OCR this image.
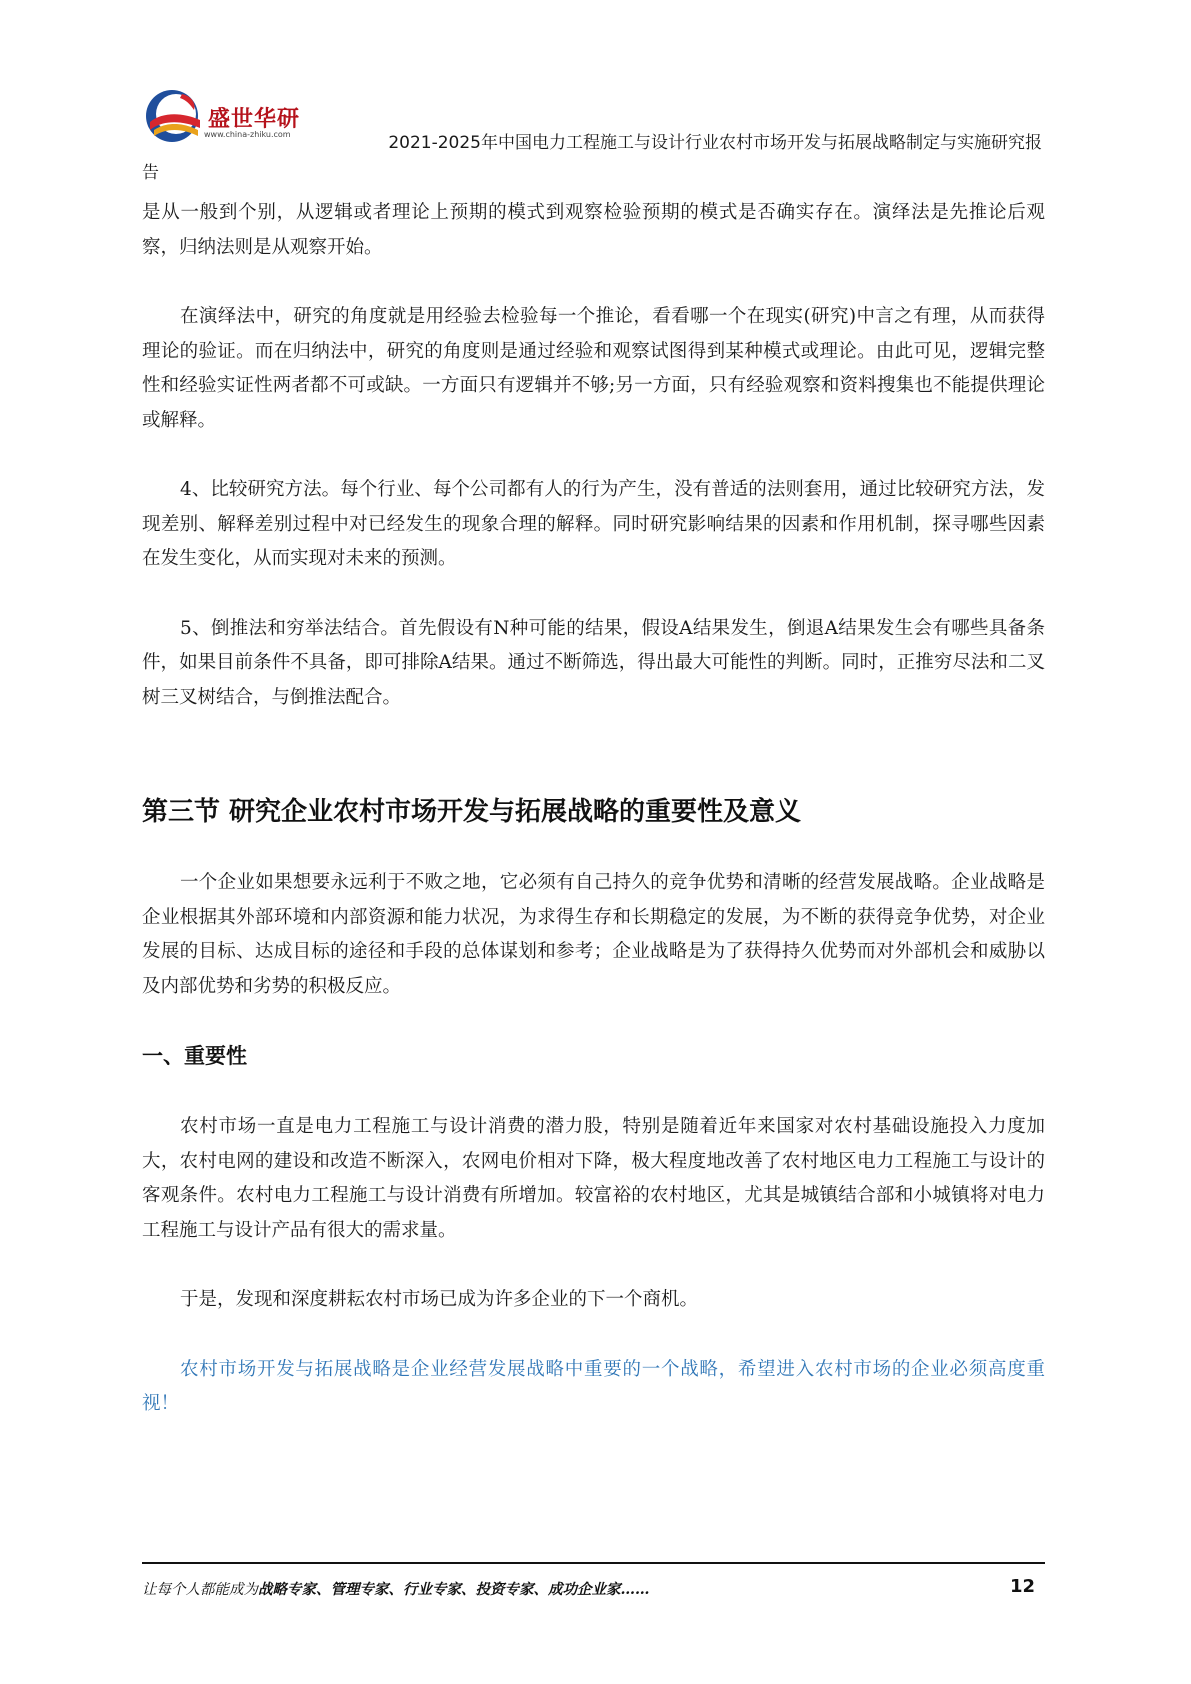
盛世华研
www.china-zhiku.com	2021-2025年中国电力工程施工与设计行业农村市场开发与拓展战略制定与实施研究报
告

是从一般到个别，从逻辑或者理论上预期的模式到观察检验预期的模式是否确实存在。演绎法是先推论后观察，归纳法则是从观察开始。

在演绎法中，研究的角度就是用经验去检验每一个推论，看看哪一个在现实(研究)中言之有理，从而获得理论的验证。而在归纳法中，研究的角度则是通过经验和观察试图得到某种模式或理论。由此可见，逻辑完整性和经验实证性两者都不可或缺。一方面只有逻辑并不够;另一方面，只有经验观察和资料搜集也不能提供理论或解释。

4、比较研究方法。每个行业、每个公司都有人的行为产生，没有普适的法则套用，通过比较研究方法，发现差别、解释差别过程中对已经发生的现象合理的解释。同时研究影响结果的因素和作用机制，探寻哪些因素在发生变化，从而实现对未来的预测。

5、倒推法和穷举法结合。首先假设有N种可能的结果，假设A结果发生，倒退A结果发生会有哪些具备条件，如果目前条件不具备，即可排除A结果。通过不断筛选，得出最大可能性的判断。同时，正推穷尽法和二叉树三叉树结合，与倒推法配合。

第三节 研究企业农村市场开发与拓展战略的重要性及意义

一个企业如果想要永远利于不败之地，它必须有自己持久的竞争优势和清晰的经营发展战略。企业战略是企业根据其外部环境和内部资源和能力状况，为求得生存和长期稳定的发展，为不断的获得竞争优势，对企业发展的目标、达成目标的途径和手段的总体谋划和参考；企业战略是为了获得持久优势而对外部机会和威胁以及内部优势和劣势的积极反应。

一、重要性

农村市场一直是电力工程施工与设计消费的潜力股，特别是随着近年来国家对农村基础设施投入力度加大，农村电网的建设和改造不断深入，农网电价相对下降，极大程度地改善了农村地区电力工程施工与设计的客观条件。农村电力工程施工与设计消费有所增加。较富裕的农村地区，尤其是城镇结合部和小城镇将对电力工程施工与设计产品有很大的需求量。

于是，发现和深度耕耘农村市场已成为许多企业的下一个商机。

农村市场开发与拓展战略是企业经营发展战略中重要的一个战略，希望进入农村市场的企业必须高度重视！

让每个人都能成为战略专家、管理专家、行业专家、投资专家、成功企业家……	12
